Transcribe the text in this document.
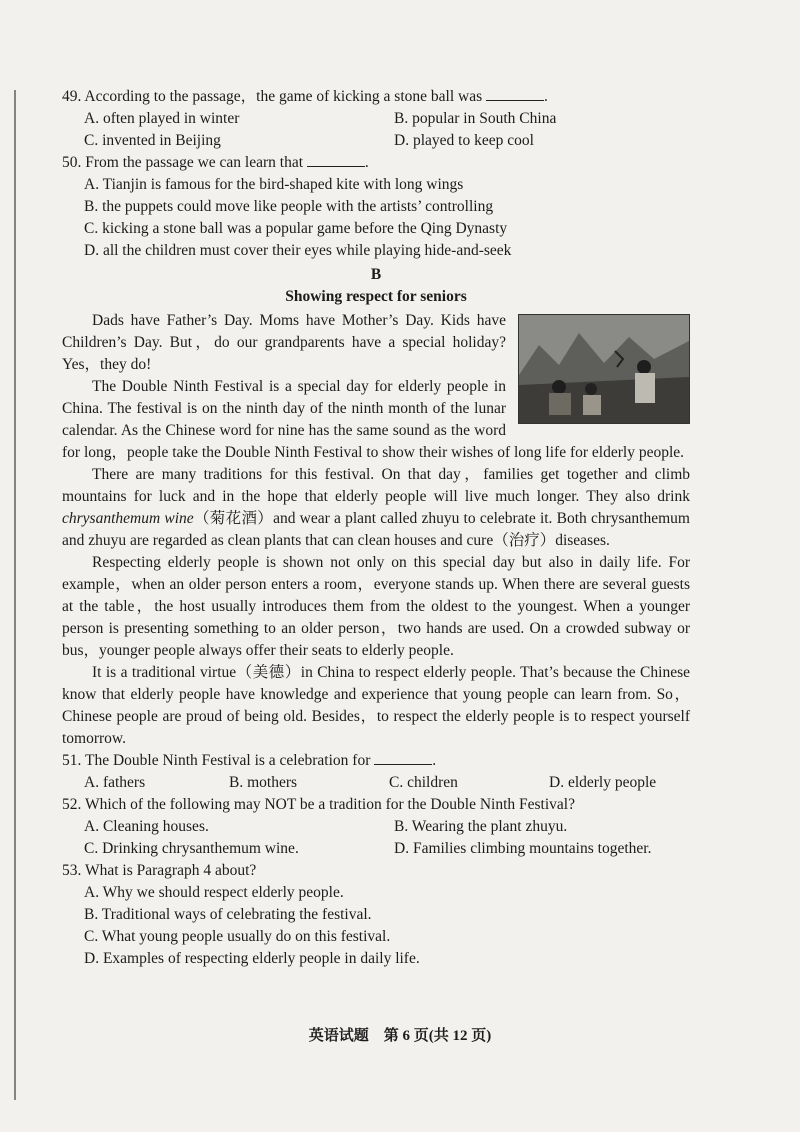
49. According to the passage，the game of kicking a stone ball was	.

A. often played in winter	B. popular in South China

C. invented in Beijing	D. played to keep cool

50. From the passage we can learn that	.

A. Tianjin is famous for the bird-shaped kite with long wings

B. the puppets could move like people with the artists’ controlling

C. kicking a stone ball was a popular game before the Qing Dynasty

D. all the children must cover their eyes while playing hide-and-seek

B
Showing respect for seniors

Dads have Father’s Day. Moms have Mother’s Day. Kids have Children’s Day. But，do our grandparents have a special holiday? Yes，they do!

The Double Ninth Festival is a special day for elderly people in China. The festival is on the ninth day of the ninth month of the lunar calendar. As the Chinese word for nine has the same sound as the word for long，people take the Double Ninth Festival to show their wishes of long life for elderly people.

There are many traditions for this festival. On that day，families get together and climb mountains for luck and in the hope that elderly people will live much longer. They also drink chrysanthemum wine（菊花酒）and wear a plant called zhuyu to celebrate it. Both chrysanthemum and zhuyu are regarded as clean plants that can clean houses and cure（治疗）diseases.

Respecting elderly people is shown not only on this special day but also in daily life. For example，when an older person enters a room，everyone stands up. When there are several guests at the table，the host usually introduces them from the oldest to the youngest. When a younger person is presenting something to an older person，two hands are used. On a crowded subway or bus，younger people always offer their seats to elderly people.

It is a traditional virtue（美德）in China to respect elderly people. That’s because the Chinese know that elderly people have knowledge and experience that young people can learn from. So，Chinese people are proud of being old. Besides，to respect the elderly people is to respect yourself tomorrow.

51. The Double Ninth Festival is a celebration for	.

A. fathers	B. mothers	C. children	D. elderly people

52. Which of the following may NOT be a tradition for the Double Ninth Festival?

A. Cleaning houses.	B. Wearing the plant zhuyu.

C. Drinking chrysanthemum wine.	D. Families climbing mountains together.

53. What is Paragraph 4 about?

A. Why we should respect elderly people.

B. Traditional ways of celebrating the festival.

C. What young people usually do on this festival.

D. Examples of respecting elderly people in daily life.

英语试题　第 6 页(共 12 页)
